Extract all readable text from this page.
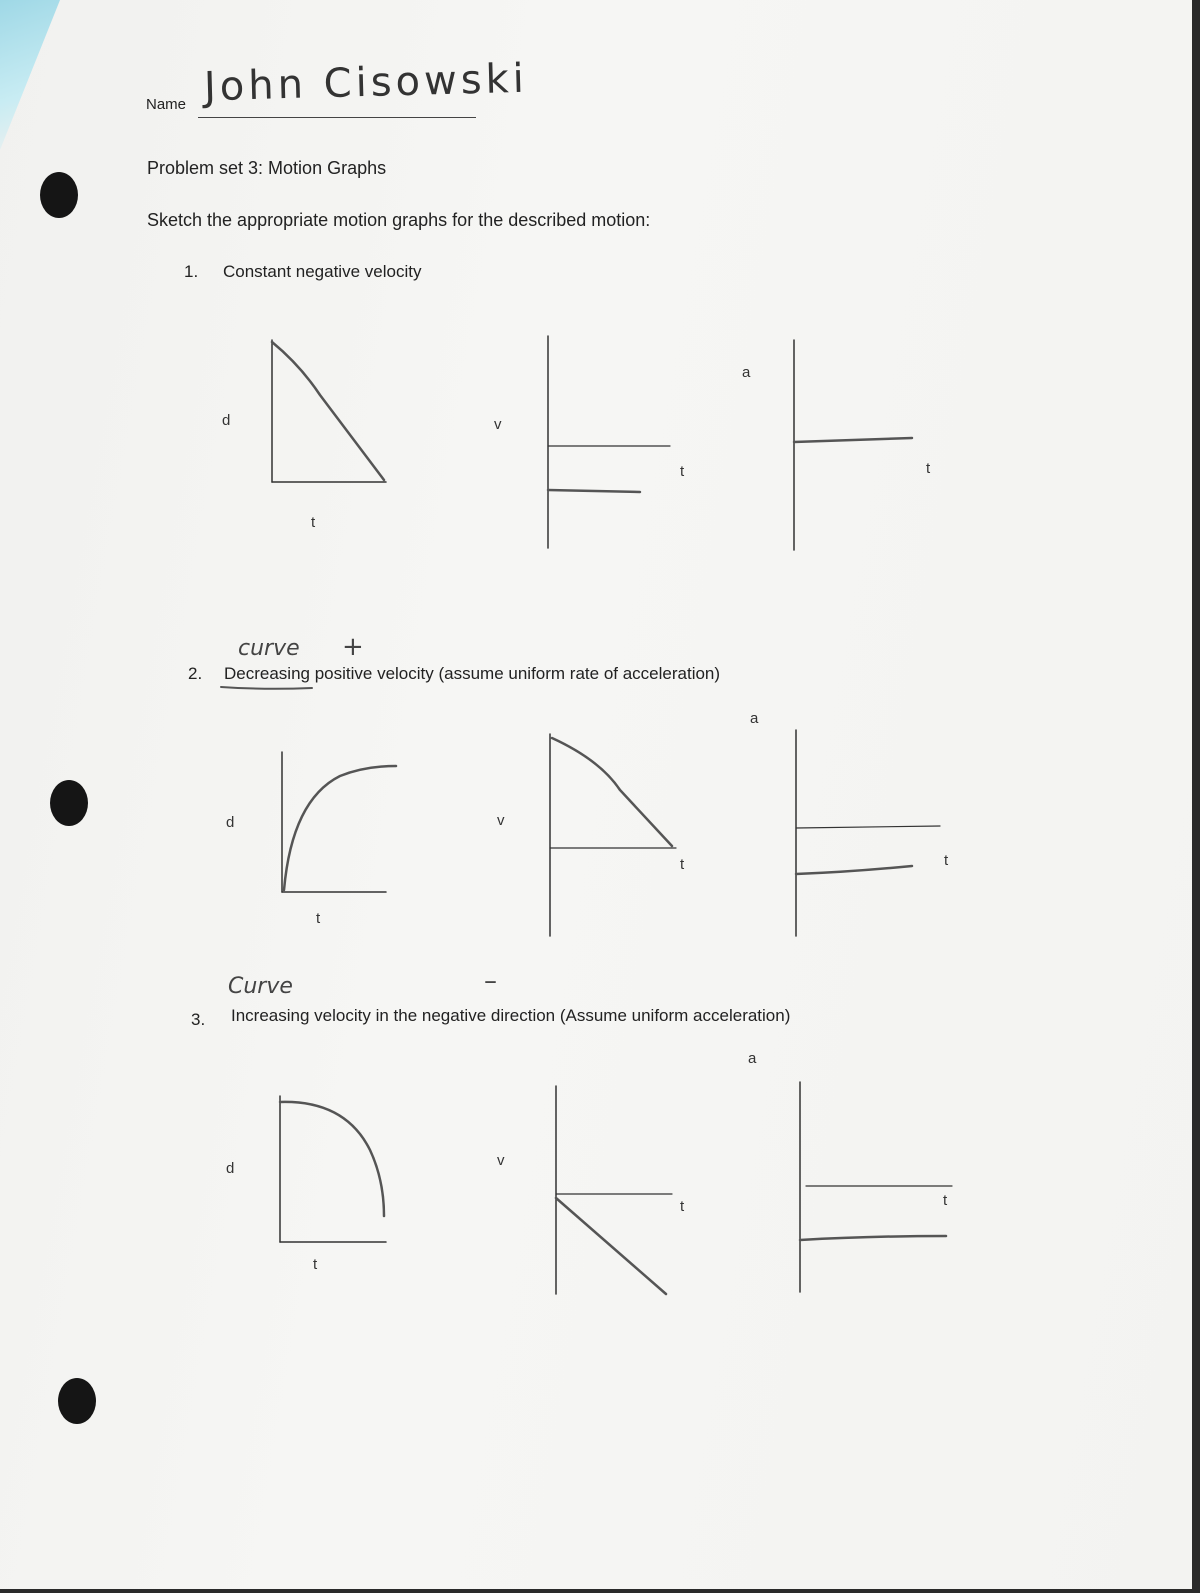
Name John Cisowski
Problem set 3: Motion Graphs
Sketch the appropriate motion graphs for the described motion:
1. Constant negative velocity
d
t
v
t
a
t
curve +
2. Decreasing positive velocity (assume uniform rate of acceleration)
d
t
v
t
a
t
Curve	–
3. Increasing velocity in the negative direction (Assume uniform acceleration)
d
t
v
t
a
t
